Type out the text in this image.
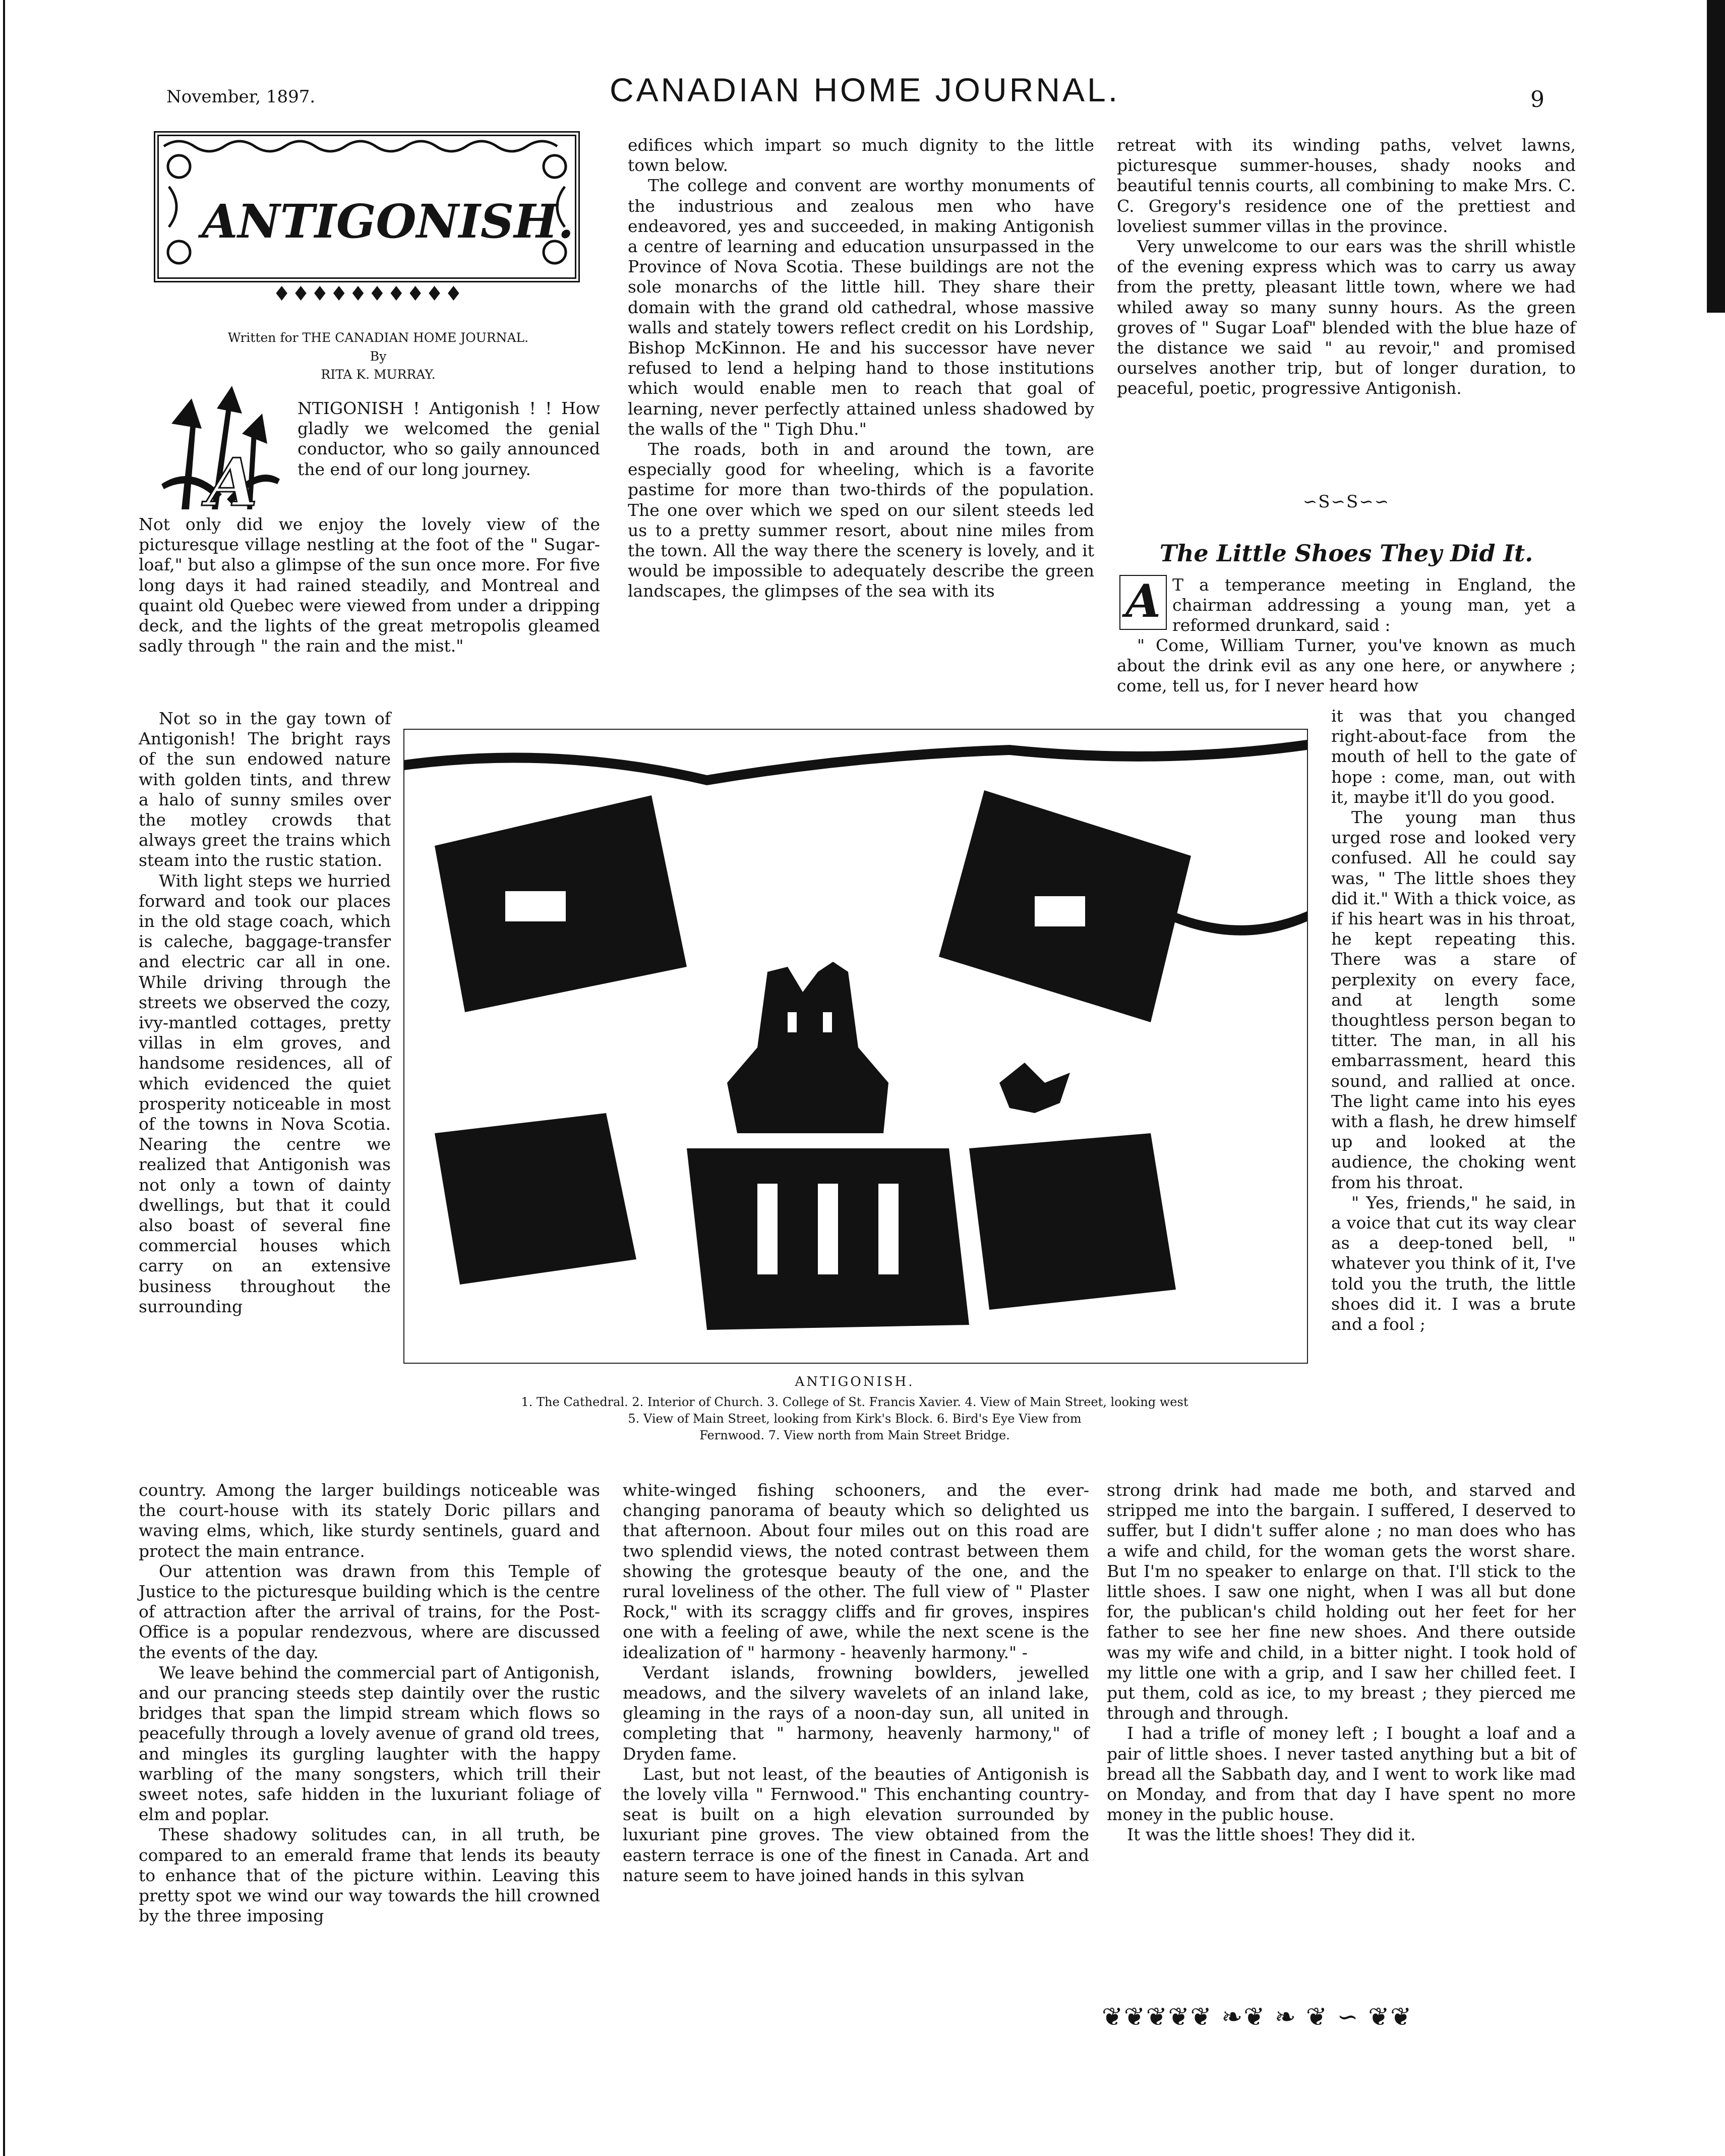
November, 1897.	CANADIAN HOME JOURNAL.	9
ANTIGONISH.
♦♦♦♦♦♦♦♦♦♦
Written for THE CANADIAN HOME JOURNAL.
By
RITA K. MURRAY.
A

NTIGONISH ! Antigonish ! ! How gladly we welcomed the genial conductor, who so gaily announced the end of our long journey.

Not only did we enjoy the lovely view of the picturesque village nestling at the foot of the " Sugar-loaf," but also a glimpse of the sun once more. For five long days it had rained steadily, and Montreal and quaint old Quebec were viewed from under a dripping deck, and the lights of the great metropolis gleamed sadly through " the rain and the mist."

Not so in the gay town of Antigonish! The bright rays of the sun endowed nature with golden tints, and threw a halo of sunny smiles over the motley crowds that always greet the trains which steam into the rustic station.

With light steps we hurried forward and took our places in the old stage coach, which is caleche, baggage-transfer and electric car all in one. While driving through the streets we observed the cozy, ivy-mantled cottages, pretty villas in elm groves, and handsome residences, all of which evidenced the quiet prosperity noticeable in most of the towns in Nova Scotia. Nearing the centre we realized that Antigonish was not only a town of dainty dwellings, but that it could also boast of several fine commercial houses which carry on an extensive business throughout the surrounding

country. Among the larger buildings noticeable was the court-house with its stately Doric pillars and waving elms, which, like sturdy sentinels, guard and protect the main entrance.

Our attention was drawn from this Temple of Justice to the picturesque building which is the centre of attraction after the arrival of trains, for the Post-Office is a popular rendezvous, where are discussed the events of the day.

We leave behind the commercial part of Antigonish, and our prancing steeds step daintily over the rustic bridges that span the limpid stream which flows so peacefully through a lovely avenue of grand old trees, and mingles its gurgling laughter with the happy warbling of the many songsters, which trill their sweet notes, safe hidden in the luxuriant foliage of elm and poplar.

These shadowy solitudes can, in all truth, be compared to an emerald frame that lends its beauty to enhance that of the picture within. Leaving this pretty spot we wind our way towards the hill crowned by the three imposing

edifices which impart so much dignity to the little town below.

The college and convent are worthy monuments of the industrious and zealous men who have endeavored, yes and succeeded, in making Antigonish a centre of learning and education unsurpassed in the Province of Nova Scotia. These buildings are not the sole monarchs of the little hill. They share their domain with the grand old cathedral, whose massive walls and stately towers reflect credit on his Lordship, Bishop McKinnon. He and his successor have never refused to lend a helping hand to those institutions which would enable men to reach that goal of learning, never perfectly attained unless shadowed by the walls of the " Tigh Dhu."

The roads, both in and around the town, are especially good for wheeling, which is a favorite pastime for more than two-thirds of the population. The one over which we sped on our silent steeds led us to a pretty summer resort, about nine miles from the town. All the way there the scenery is lovely, and it would be impossible to adequately describe the green landscapes, the glimpses of the sea with its

white-winged fishing schooners, and the ever-changing panorama of beauty which so delighted us that afternoon. About four miles out on this road are two splendid views, the noted contrast between them showing the grotesque beauty of the one, and the rural loveliness of the other. The full view of " Plaster Rock," with its scraggy cliffs and fir groves, inspires one with a feeling of awe, while the next scene is the idealization of " harmony - heavenly harmony." -

Verdant islands, frowning bowlders, jewelled meadows, and the silvery wavelets of an inland lake, gleaming in the rays of a noon-day sun, all united in completing that " harmony, heavenly harmony," of Dryden fame.

Last, but not least, of the beauties of Antigonish is the lovely villa " Fernwood." This enchanting country-seat is built on a high elevation surrounded by luxuriant pine groves. The view obtained from the eastern terrace is one of the finest in Canada. Art and nature seem to have joined hands in this sylvan

retreat with its winding paths, velvet lawns, picturesque summer-houses, shady nooks and beautiful tennis courts, all combining to make Mrs. C. C. Gregory's residence one of the prettiest and loveliest summer villas in the province.

Very unwelcome to our ears was the shrill whistle of the evening express which was to carry us away from the pretty, pleasant little town, where we had whiled away so many sunny hours. As the green groves of " Sugar Loaf" blended with the blue haze of the distance we said " au revoir," and promised ourselves another trip, but of longer duration, to peaceful, poetic, progressive Antigonish.

∽S∽S∽∽
The Little Shoes They Did It.
A T a temperance meeting in England, the chairman addressing a young man, yet a reformed drunkard, said :

" Come, William Turner, you've known as much about the drink evil as any one here, or anywhere ; come, tell us, for I never heard how

it was that you changed right-about-face from the mouth of hell to the gate of hope : come, man, out with it, maybe it'll do you good.

The young man thus urged rose and looked very confused. All he could say was, " The little shoes they did it." With a thick voice, as if his heart was in his throat, he kept repeating this. There was a stare of perplexity on every face, and at length some thoughtless person began to titter. The man, in all his embarrassment, heard this sound, and rallied at once. The light came into his eyes with a flash, he drew himself up and looked at the audience, the choking went from his throat.

" Yes, friends," he said, in a voice that cut its way clear as a deep-toned bell, " whatever you think of it, I've told you the truth, the little shoes did it. I was a brute and a fool ;

strong drink had made me both, and starved and stripped me into the bargain. I suffered, I deserved to suffer, but I didn't suffer alone ; no man does who has a wife and child, for the woman gets the worst share. But I'm no speaker to enlarge on that. I'll stick to the little shoes. I saw one night, when I was all but done for, the publican's child holding out her feet for her father to see her fine new shoes. And there outside was my wife and child, in a bitter night. I took hold of my little one with a grip, and I saw her chilled feet. I put them, cold as ice, to my breast ; they pierced me through and through.

I had a trifle of money left ; I bought a loaf and a pair of little shoes. I never tasted anything but a bit of bread all the Sabbath day, and I went to work like mad on Monday, and from that day I have spent no more money in the public house.

It was the little shoes! They did it.

❦❦❦❦❦ ❧❦ ❧ ❦ ∽ ❦❦
ANTIGONISH.
1. The Cathedral. 2. Interior of Church. 3. College of St. Francis Xavier. 4. View of Main Street, looking west
5. View of Main Street, looking from Kirk's Block. 6. Bird's Eye View from
Fernwood. 7. View north from Main Street Bridge.
